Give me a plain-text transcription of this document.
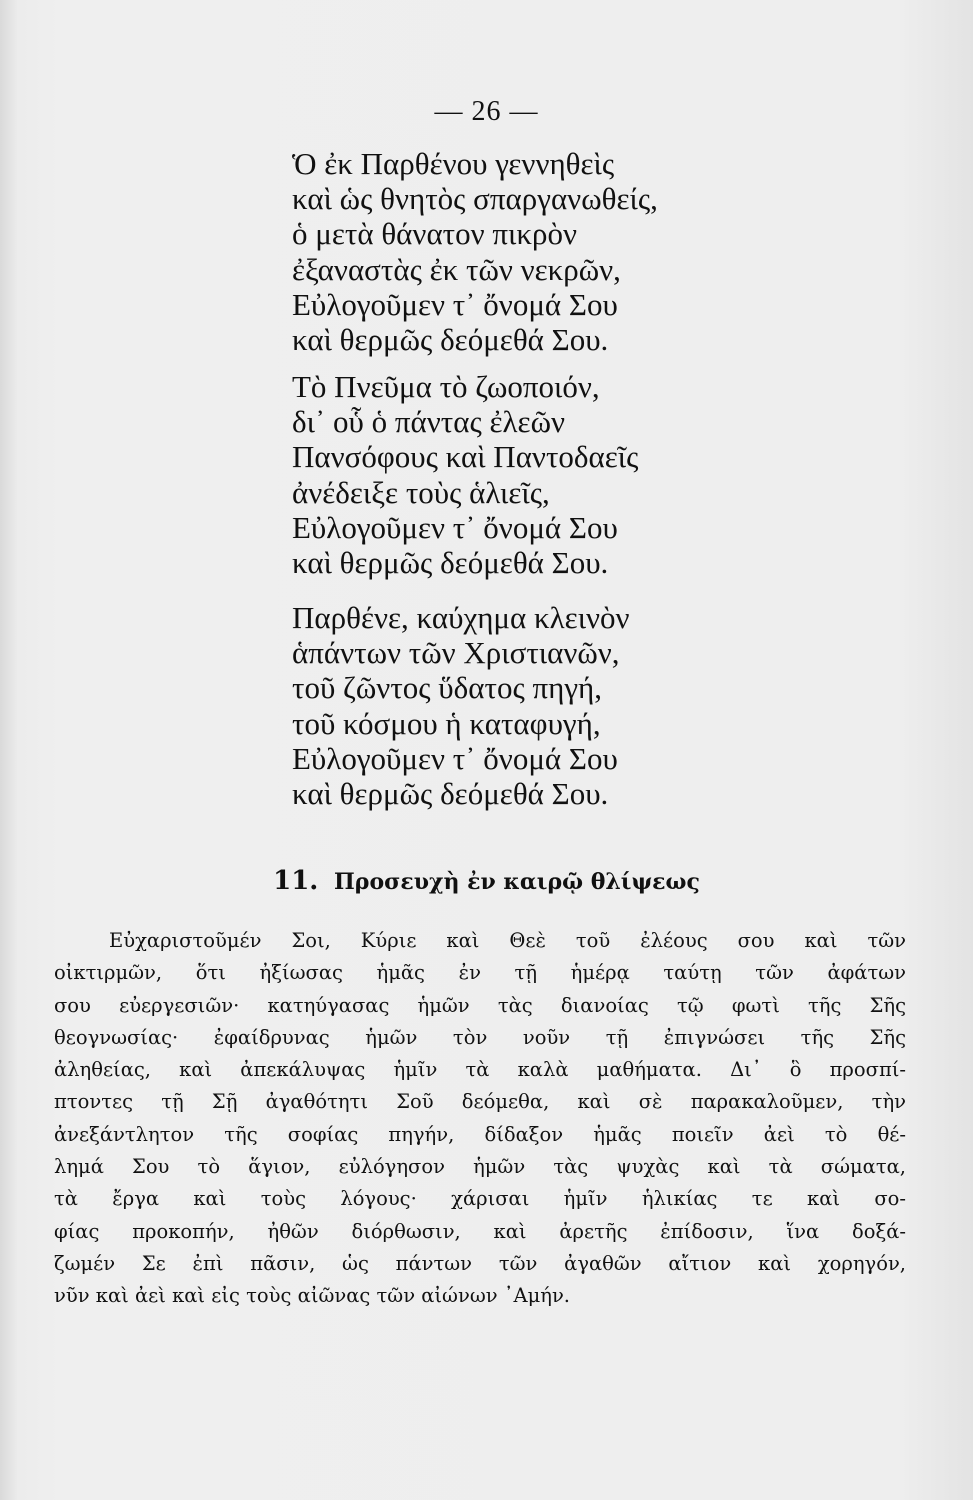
— 26 —
Ὁ ἐκ Παρθένου γεννηθεὶς
καὶ ὡς θνητὸς σπαργανωθείς,
ὁ μετὰ θάνατον πικρὸν
ἐξαναστὰς ἐκ τῶν νεκρῶν,
Εὐλογοῦμεν τ᾽ ὄνομά Σου
καὶ θερμῶς δεόμεθά Σου.
Τὸ Πνεῦμα τὸ ζωοποιόν,
δι᾽ οὗ ὁ πάντας ἐλεῶν
Πανσόφους καὶ Παντοδαεῖς
ἀνέδειξε τοὺς ἁλιεῖς,
Εὐλογοῦμεν τ᾽ ὄνομά Σου
καὶ θερμῶς δεόμεθά Σου.
Παρθένε, καύχημα κλεινὸν
ἁπάντων τῶν Χριστιανῶν,
τοῦ ζῶντος ὕδατος πηγή,
τοῦ κόσμου ἡ καταφυγή,
Εὐλογοῦμεν τ᾽ ὄνομά Σου
καὶ θερμῶς δεόμεθά Σου.
11. Προσευχὴ ἐν καιρῷ θλίψεως
Εὐχαριστοῦμέν Σοι, Κύριε καὶ Θεὲ τοῦ ἐλέους σου καὶ τῶν
οἰκτιρμῶν, ὅτι ἠξίωσας ἡμᾶς ἐν τῇ ἡμέρᾳ ταύτῃ τῶν ἀφάτων
σου εὐεργεσιῶν· κατηύγασας ἡμῶν τὰς διανοίας τῷ φωτὶ τῆς Σῆς
θεογνωσίας· ἐφαίδρυνας ἡμῶν τὸν νοῦν τῇ ἐπιγνώσει τῆς Σῆς
ἀληθείας, καὶ ἀπεκάλυψας ἡμῖν τὰ καλὰ μαθήματα. Δι᾽ ὃ προσπί-
πτοντες τῇ Σῇ ἀγαθότητι Σοῦ δεόμεθα, καὶ σὲ παρακαλοῦμεν, τὴν
ἀνεξάντλητον τῆς σοφίας πηγήν, δίδαξον ἡμᾶς ποιεῖν ἀεὶ τὸ θέ-
λημά Σου τὸ ἅγιον, εὐλόγησον ἡμῶν τὰς ψυχὰς καὶ τὰ σώματα,
τὰ ἔργα καὶ τοὺς λόγους· χάρισαι ἡμῖν ἡλικίας τε καὶ σο-
φίας προκοπήν, ἠθῶν διόρθωσιν, καὶ ἀρετῆς ἐπίδοσιν, ἵνα δοξά-
ζωμέν Σε ἐπὶ πᾶσιν, ὡς πάντων τῶν ἀγαθῶν αἴτιον καὶ χορηγόν,
νῦν καὶ ἀεὶ καὶ εἰς τοὺς αἰῶνας τῶν αἰώνων ᾿Αμήν.
